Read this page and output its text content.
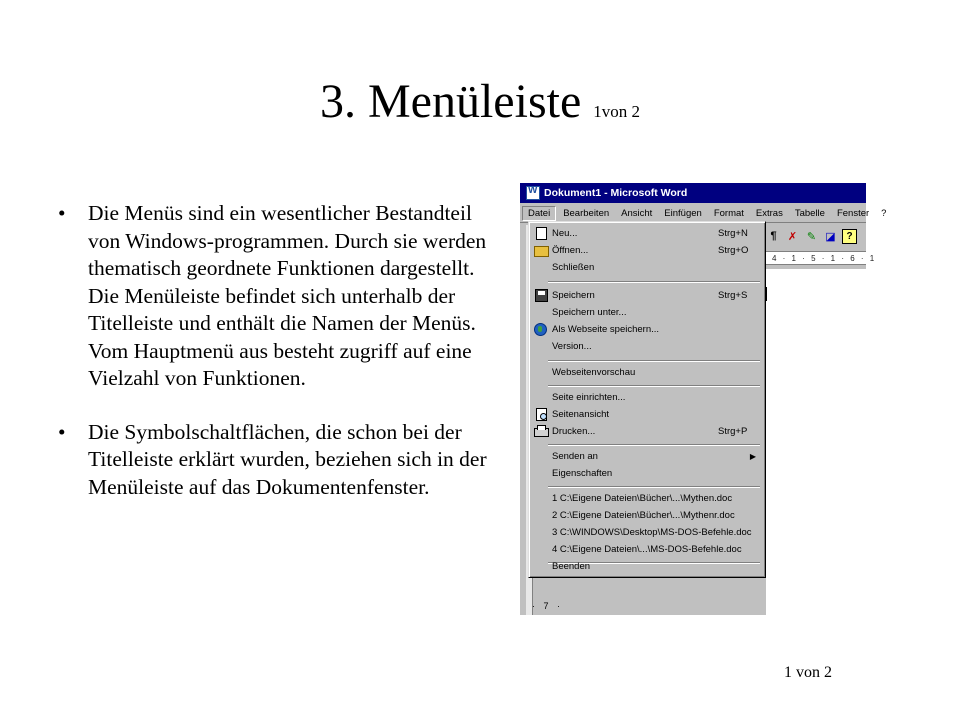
3. Menüleiste 1von 2
• Die Menüs sind ein wesentlicher Bestandteil von Windows-programmen. Durch sie werden thematisch geordnete Funktionen dargestellt. Die Menüleiste befindet sich unterhalb der Titelleiste und enthält die Namen der Menüs. Vom Hauptmenü aus besteht zugriff auf eine Vielzahl von Funktionen.
• Die Symbolschaltflächen, die schon bei der Titelleiste erklärt wurden, beziehen sich in der Menüleiste auf das Dokumentenfenster.
1 von 2
W
Dokument1 - Microsoft Word
Datei	Bearbeiten	Ansicht	Einfügen	Format	Extras	Tabelle	Fenster	?
¶	✗ ✎ ◪	?
4 · 1 · 5 · 1 · 6 · 1
· 7 ·
Neu...	Strg+N
Öffnen...	Strg+O
Schließen
Speichern	Strg+S
Speichern unter...
Als Webseite speichern...
Version...
Webseitenvorschau
Seite einrichten...
Seitenansicht
Drucken...	Strg+P
Senden an	▶
Eigenschaften
1 C:\Eigene Dateien\Bücher\...\Mythen.doc
2 C:\Eigene Dateien\Bücher\...\Mythenr.doc
3 C:\WINDOWS\Desktop\MS-DOS-Befehle.doc
4 C:\Eigene Dateien\...\MS-DOS-Befehle.doc
Beenden
